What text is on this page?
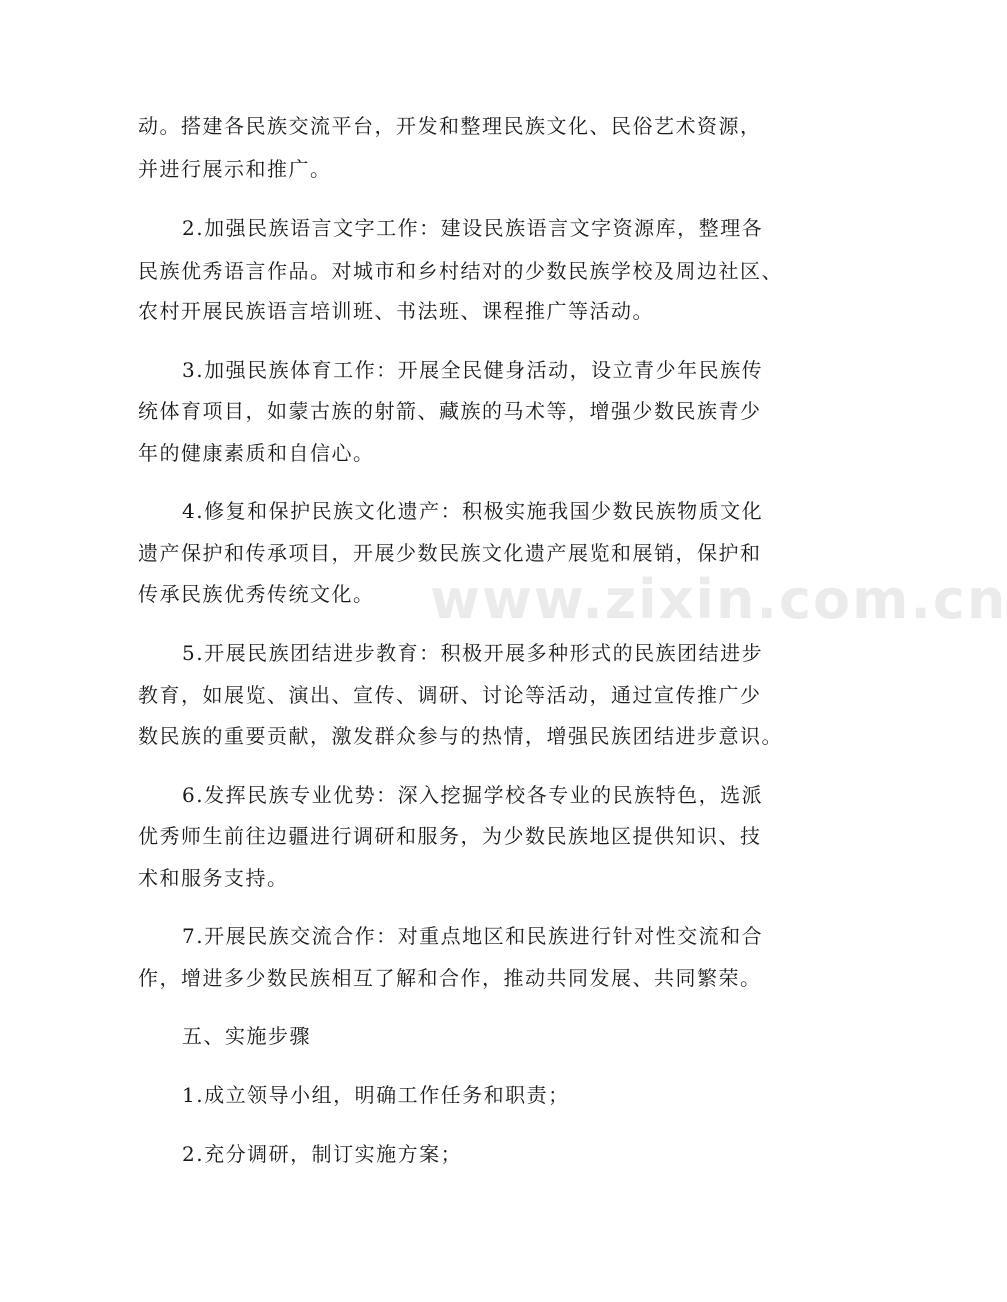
www.zixin.com.cn
动。搭建各民族交流平台，开发和整理民族文化、民俗艺术资源，
并进行展示和推广。
2.加强民族语言文字工作：建设民族语言文字资源库，整理各
民族优秀语言作品。对城市和乡村结对的少数民族学校及周边社区、
农村开展民族语言培训班、书法班、课程推广等活动。
3.加强民族体育工作：开展全民健身活动，设立青少年民族传
统体育项目，如蒙古族的射箭、藏族的马术等，增强少数民族青少
年的健康素质和自信心。
4.修复和保护民族文化遗产：积极实施我国少数民族物质文化
遗产保护和传承项目，开展少数民族文化遗产展览和展销，保护和
传承民族优秀传统文化。
5.开展民族团结进步教育：积极开展多种形式的民族团结进步
教育，如展览、演出、宣传、调研、讨论等活动，通过宣传推广少
数民族的重要贡献，激发群众参与的热情，增强民族团结进步意识。
6.发挥民族专业优势：深入挖掘学校各专业的民族特色，选派
优秀师生前往边疆进行调研和服务，为少数民族地区提供知识、技
术和服务支持。
7.开展民族交流合作：对重点地区和民族进行针对性交流和合
作，增进多少数民族相互了解和合作，推动共同发展、共同繁荣。
五、实施步骤
1.成立领导小组，明确工作任务和职责；
2.充分调研，制订实施方案；
